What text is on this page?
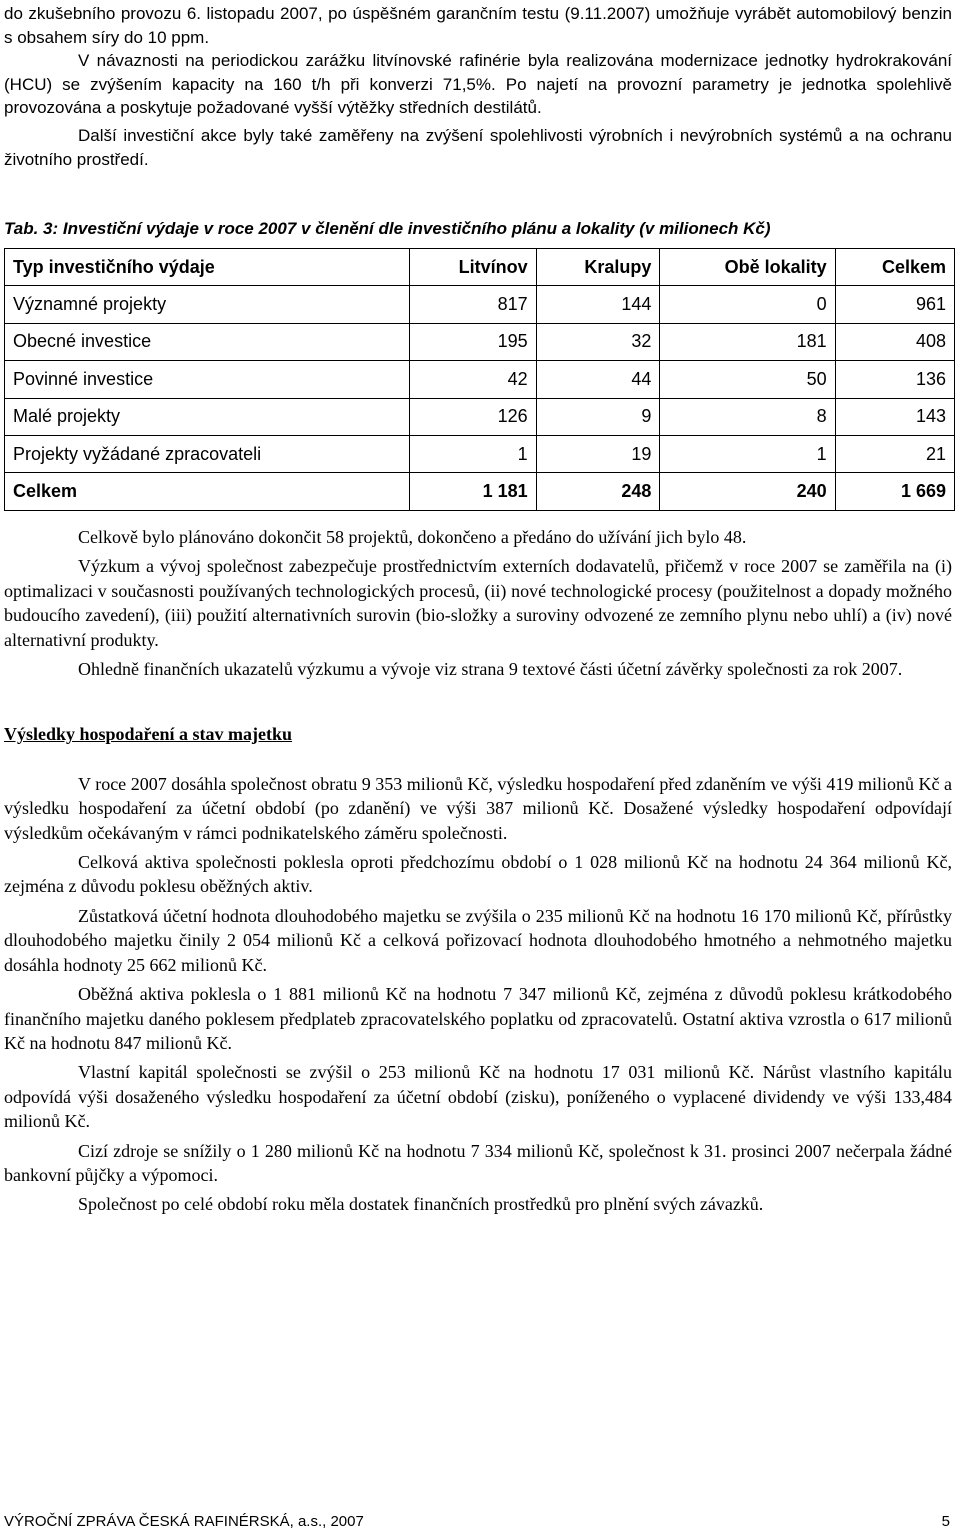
do zkušebního provozu 6. listopadu 2007, po úspěšném garančním testu (9.11.2007) umožňuje vyrábět automobilový benzin s obsahem síry do 10 ppm.

V návaznosti na periodickou zarážku litvínovské rafinérie byla realizována modernizace jednotky hydrokrakování (HCU) se zvýšením kapacity na 160 t/h při konverzi 71,5%. Po najetí na provozní parametry je jednotka spolehlivě provozována a poskytuje požadované vyšší výtěžky středních destilátů.

Další investiční akce byly také zaměřeny na zvýšení spolehlivosti výrobních i nevýrobních systémů a na ochranu životního prostředí.

Tab. 3: Investiční výdaje v roce 2007 v členění dle investičního plánu a lokality (v milionech Kč)
Typ investičního výdaje	Litvínov	Kralupy	Obě lokality	Celkem
Významné projekty	817	144	0	961
Obecné investice	195	32	181	408
Povinné investice	42	44	50	136
Malé projekty	126	9	8	143
Projekty vyžádané zpracovateli	1	19	1	21
Celkem	1 181	248	240	1 669

Celkově bylo plánováno dokončit 58 projektů, dokončeno a předáno do užívání jich bylo 48.

Výzkum a vývoj společnost zabezpečuje prostřednictvím externích dodavatelů, přičemž v roce 2007 se zaměřila na (i) optimalizaci v současnosti používaných technologických procesů, (ii) nové technologické procesy (použitelnost a dopady možného budoucího zavedení), (iii) použití alternativních surovin (bio-složky a suroviny odvozené ze zemního plynu nebo uhlí) a (iv) nové alternativní produkty.

Ohledně finančních ukazatelů výzkumu a vývoje viz strana 9 textové části účetní závěrky společnosti za rok 2007.

Výsledky hospodaření a stav majetku

V roce 2007 dosáhla společnost obratu 9 353 milionů Kč, výsledku hospodaření před zdaněním ve výši 419 milionů Kč a výsledku hospodaření za účetní období (po zdanění) ve výši 387 milionů Kč. Dosažené výsledky hospodaření odpovídají výsledkům očekávaným v rámci podnikatelského záměru společnosti.

Celková aktiva společnosti poklesla oproti předchozímu období o 1 028 milionů Kč na hodnotu 24 364 milionů Kč, zejména z důvodu poklesu oběžných aktiv.

Zůstatková účetní hodnota dlouhodobého majetku se zvýšila o 235 milionů Kč na hodnotu 16 170 milionů Kč, přírůstky dlouhodobého majetku činily 2 054 milionů Kč a celková pořizovací hodnota dlouhodobého hmotného a nehmotného majetku dosáhla hodnoty 25 662 milionů Kč.

Oběžná aktiva poklesla o 1 881 milionů Kč na hodnotu 7 347 milionů Kč, zejména z důvodů poklesu krátkodobého finančního majetku daného poklesem předplateb zpracovatelského poplatku od zpracovatelů. Ostatní aktiva vzrostla o 617 milionů Kč na hodnotu 847 milionů Kč.

Vlastní kapitál společnosti se zvýšil o 253 milionů Kč na hodnotu 17 031 milionů Kč. Nárůst vlastního kapitálu odpovídá výši dosaženého výsledku hospodaření za účetní období (zisku), poníženého o vyplacené dividendy ve výši 133,484 milionů Kč.

Cizí zdroje se snížily o 1 280 milionů Kč na hodnotu 7 334 milionů Kč, společnost k 31. prosinci 2007 nečerpala žádné bankovní půjčky a výpomoci.

Společnost po celé období roku měla dostatek finančních prostředků pro plnění svých závazků.

VÝROČNÍ ZPRÁVA ČESKÁ RAFINÉRSKÁ, a.s., 2007	5
